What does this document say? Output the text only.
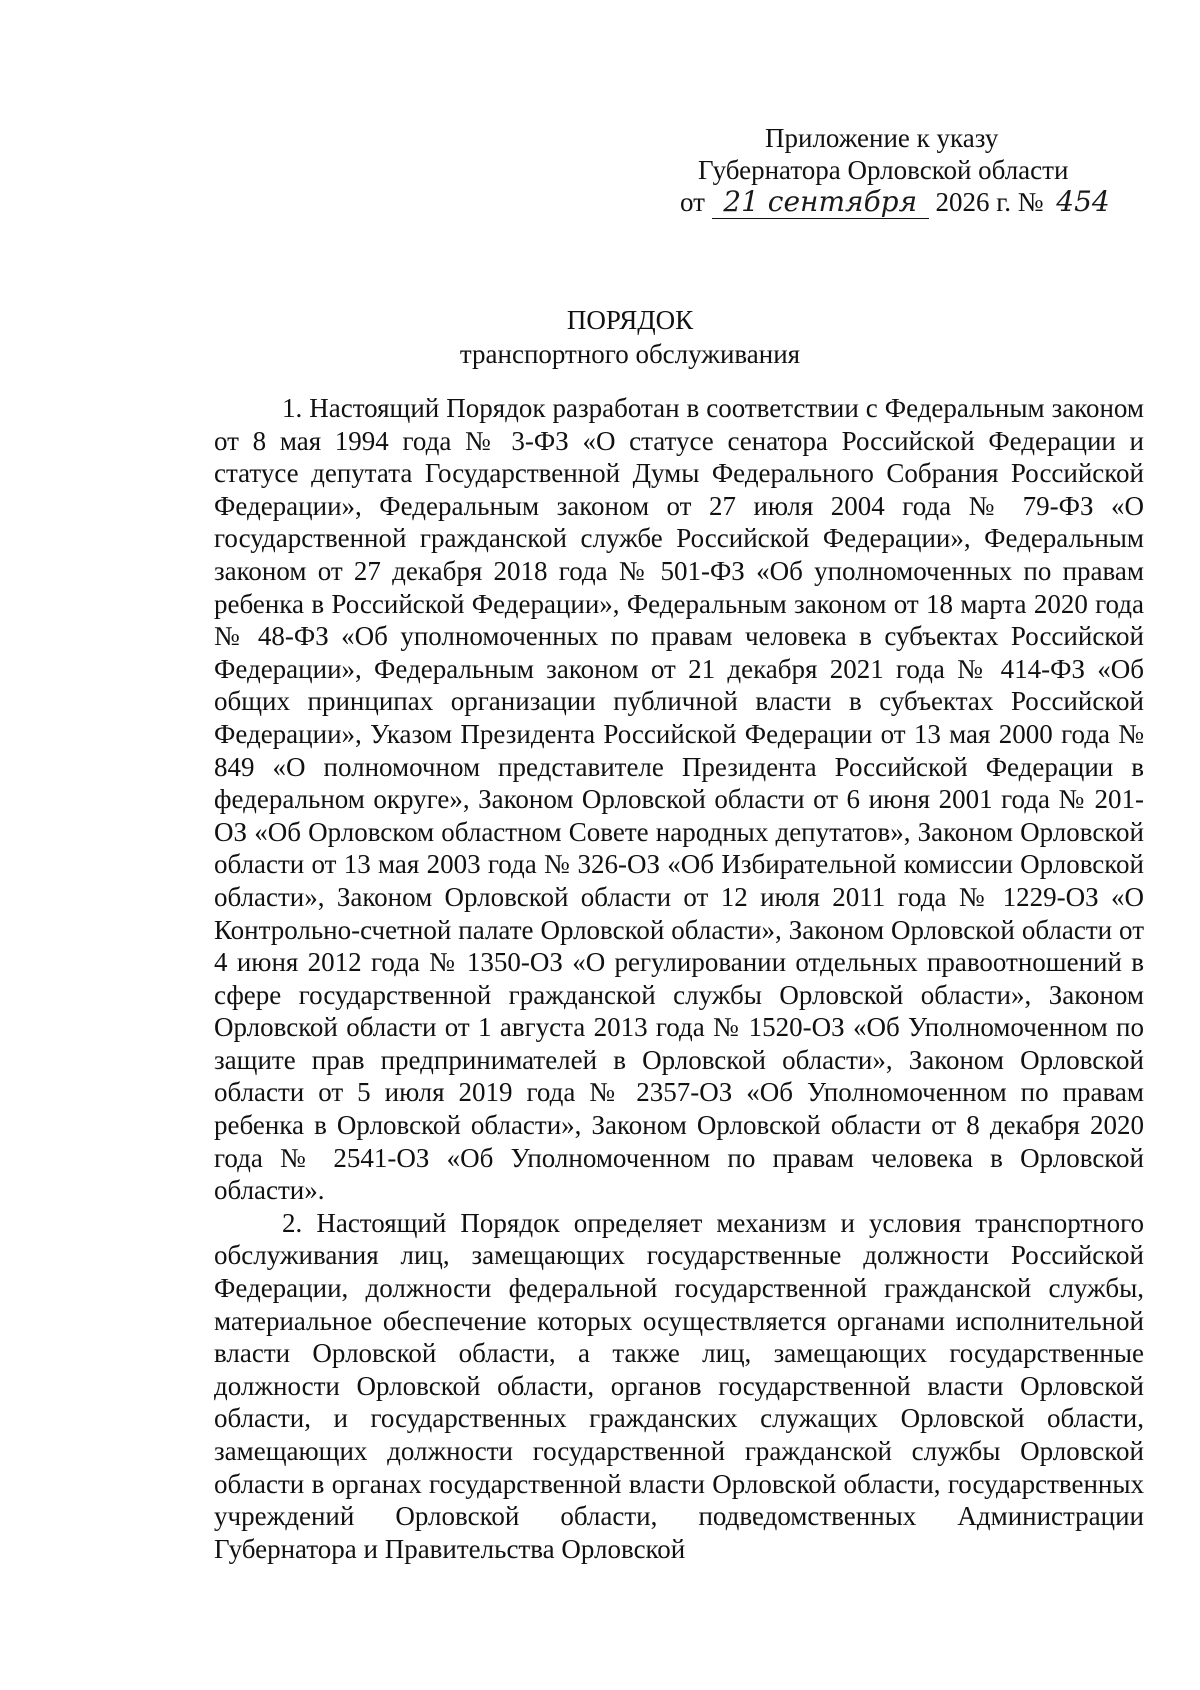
Приложение к указу
Губернатора Орловской области
от 21 сентября 2026 г. № 454
ПОРЯДОК
транспортного обслуживания

1. Настоящий Порядок разработан в соответствии с Федеральным законом от 8 мая 1994 года № 3-ФЗ «О статусе сенатора Российской Федерации и статусе депутата Государственной Думы Федерального Собрания Российской Федерации», Федеральным законом от 27 июля 2004 года № 79-ФЗ «О государственной гражданской службе Российской Федерации», Федеральным законом от 27 декабря 2018 года № 501-ФЗ «Об уполномоченных по правам ребенка в Российской Федерации», Федеральным законом от 18 марта 2020 года № 48-ФЗ «Об уполномоченных по правам человека в субъектах Российской Федерации», Федеральным законом от 21 декабря 2021 года № 414-ФЗ «Об общих принципах организации публичной власти в субъектах Российской Федерации», Указом Президента Российской Федерации от 13 мая 2000 года № 849 «О полномочном представителе Президента Российской Федерации в федеральном округе», Законом Орловской области от 6 июня 2001 года № 201-ОЗ «Об Орловском областном Совете народных депутатов», Законом Орловской области от 13 мая 2003 года № 326-ОЗ «Об Избирательной комиссии Орловской области», Законом Орловской области от 12 июля 2011 года № 1229-ОЗ «О Контрольно-счетной палате Орловской области», Законом Орловской области от 4 июня 2012 года № 1350-ОЗ «О регулировании отдельных правоотношений в сфере государственной гражданской службы Орловской области», Законом Орловской области от 1 августа 2013 года № 1520-ОЗ «Об Уполномоченном по защите прав предпринимателей в Орловской области», Законом Орловской области от 5 июля 2019 года № 2357-ОЗ «Об Уполномоченном по правам ребенка в Орловской области», Законом Орловской области от 8 декабря 2020 года № 2541-ОЗ «Об Уполномоченном по правам человека в Орловской области».

2. Настоящий Порядок определяет механизм и условия транспортного обслуживания лиц, замещающих государственные должности Российской Федерации, должности федеральной государственной гражданской службы, материальное обеспечение которых осуществляется органами исполнительной власти Орловской области, а также лиц, замещающих государственные должности Орловской области, органов государственной власти Орловской области, и государственных гражданских служащих Орловской области, замещающих должности государственной гражданской службы Орловской области в органах государственной власти Орловской области, государственных учреждений Орловской области, подведомственных Администрации Губернатора и Правительства Орловской
